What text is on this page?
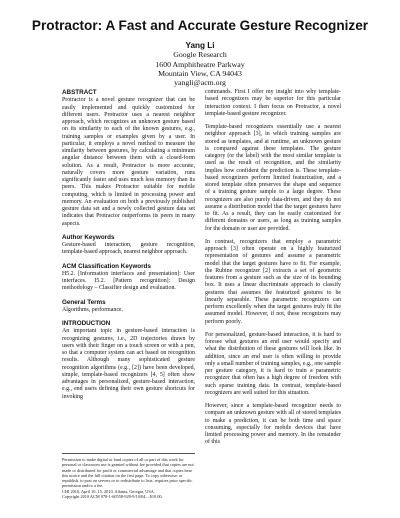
Protractor: A Fast and Accurate Gesture Recognizer
Yang Li
Google Research
1600 Amphitheatre Parkway
Mountain View, CA 94043
yangli@acm.org
ABSTRACT

Protractor is a novel gesture recognizer that can be easily implemented and quickly customized for different users. Protractor uses a nearest neighbor approach, which recognizes an unknown gesture based on its similarity to each of the known gestures, e.g., training samples or examples given by a user. In particular, it employs a novel method to measure the similarity between gestures, by calculating a minimum angular distance between them with a closed-form solution. As a result, Protractor is more accurate, naturally covers more gesture variation, runs significantly faster and uses much less memory than its peers. This makes Protractor suitable for mobile computing, which is limited in processing power and memory. An evaluation on both a previously published gesture data set and a newly collected gesture data set indicates that Protractor outperforms its peers in many aspects.

Author Keywords

Gesture-based interaction, gesture recognition, template-based approach, nearest neighbor approach.

ACM Classification Keywords

H5.2. [Information interfaces and presentation]: User interfaces. I5.2. [Pattern recognition]: Design methodology – Classifier design and evaluation.

General Terms

Algorithms, performance.

INTRODUCTION

An important topic in gesture-based interaction is recognizing gestures, i.e., 2D trajectories drawn by users with their finger on a touch screen or with a pen, so that a computer system can act based on recognition results. Although many sophisticated gesture recognition algorithms (e.g., [2]) have been developed, simple, template-based recognizers [4, 5] often show advantages in personalized, gesture-based interaction, e.g., end users defining their own gesture shortcuts for invoking

Permission to make digital or hard copies of all or part of this work for personal or classroom use is granted without fee provided that copies are not made or distributed for profit or commercial advantage and that copies bear this notice and the full citation on the first page. To copy otherwise, or republish, to post on servers or to redistribute to lists, requires prior specific permission and/or a fee.

CHI 2010, April 10–15, 2010, Atlanta, Georgia, USA.

Copyright 2010 ACM 978-1-60558-929-9/10/04....$10.00.

commands. First I offer my insight into why template-based recognizers may be superior for this particular interaction context. I then focus on Protractor, a novel template-based gesture recognizer.

Template-based recognizers essentially use a nearest neighbor approach [3], in which training samples are stored as templates, and at runtime, an unknown gesture is compared against these templates. The gesture category (or the label) with the most similar template is used as the result of recognition, and the similarity implies how confident the prediction is. These template-based recognizers perform limited featurization, and a stored template often preserves the shape and sequence of a training gesture sample to a large degree. These recognizers are also purely data-driven, and they do not assume a distribution model that the target gestures have to fit. As a result, they can be easily customized for different domains or users, as long as training samples for the domain or user are provided.

In contrast, recognizers that employ a parametric approach [3] often operate on a highly featurized representation of gestures and assume a parametric model that the target gestures have to fit. For example, the Rubine recognizer [2] extracts a set of geometric features from a gesture such as the size of its bounding box. It uses a linear discriminate approach to classify gestures that assumes the featurized gestures to be linearly separable. These parametric recognizers can perform excellently when the target gestures truly fit the assumed model. However, if not, these recognizers may perform poorly.

For personalized, gesture-based interaction, it is hard to foresee what gestures an end user would specify and what the distribution of these gestures will look like. In addition, since an end user is often willing to provide only a small number of training samples, e.g., one sample per gesture category, it is hard to train a parametric recognizer that often has a high degree of freedom with such sparse training data. In contrast, template-based recognizers are well suited for this situation.

However, since a template-based recognizer needs to compare an unknown gesture with all of stored templates to make a prediction, it can be both time and space consuming, especially for mobile devices that have limited processing power and memory. In the remainder of this
